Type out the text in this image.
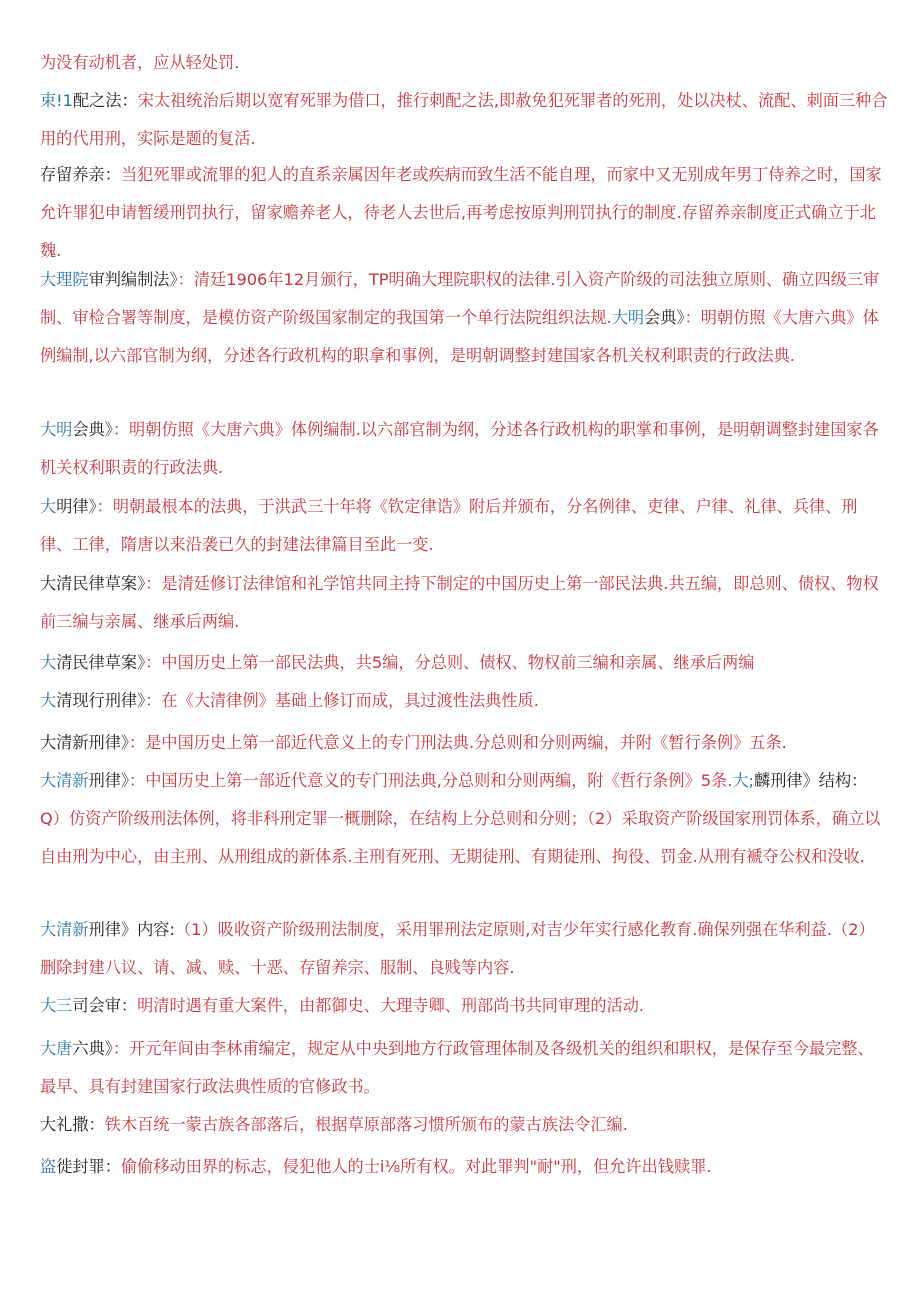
为没有动机者，应从轻处罚.

束!1配之法：宋太祖统治后期以宽宥死罪为借口，推行刺配之法,即赦免犯死罪者的死刑，处以决杖、流配、刺面三种合用的代用刑，实际是题的复活.

存留养亲：当犯死罪或流罪的犯人的直系亲属因年老或疾病而致生活不能自理，而家中又无别成年男丁侍养之时，国家允许罪犯申请暂缓刑罚执行，留家赡养老人，待老人去世后,再考虑按原判刑罚执行的制度.存留养亲制度正式确立于北魏.

大理院审判编制法》：清廷1906年12月颁行，TP明确大理院职权的法律.引入资产阶级的司法独立原则、确立四级三审制、审检合署等制度，是模仿资产阶级国家制定的我国第一个单行法院组织法规.大明会典》：明朝仿照《大唐六典》体例编制,以六部官制为纲，分述各行政机构的职拿和事例，是明朝调整封建国家各机关权利职责的行政法典.

大明会典》：明朝仿照《大唐六典》体例编制.以六部官制为纲，分述各行政机构的职掌和事例，是明朝调整封建国家各机关权利职责的行政法典.

大明律》：明朝最根本的法典，于洪武三十年将《钦定律诰》附后并颁布，分名例律、吏律、户律、礼律、兵律、刑律、工律，隋唐以来沿袭已久的封建法律篇目至此一变.

大清民律草案》：是清廷修订法律馆和礼学馆共同主持下制定的中国历史上第一部民法典.共五编，即总则、债权、物权前三编与亲属、继承后两编.

大清民律草案》：中国历史上第一部民法典，共5编，分总则、债权、物权前三编和亲属、继承后两编

大清现行刑律》：在《大清律例》基础上修订而成，具过渡性法典性质.

大清新刑律》：是中国历史上第一部近代意义上的专门刑法典.分总则和分则两编，并附《暂行条例》五条.

大清新刑律》：中国历史上第一部近代意义的专门刑法典,分总则和分则两编，附《哲行条例》5条.大;麟刑律》结构：Q）仿资产阶级刑法体例，将非科刑定罪一概删除，在结构上分总则和分则；（2）采取资产阶级国家刑罚体系，确立以自由刑为中心，由主刑、从刑组成的新体系.主刑有死刑、无期徒刑、有期徒刑、拘役、罚金.从刑有褫夺公权和没收.

大清新刑律》内容:（1）吸收资产阶级刑法制度，采用罪刑法定原则,对吉少年实行感化教育.确保列强在华利益.（2）删除封建八议、请、减、赎、十恶、存留养宗、服制、良贱等内容.

大三司会审：明清时遇有重大案件，由都御史、大理寺卿、刑部尚书共同审理的活动.

大唐六典》：开元年间由李林甫编定，规定从中央到地方行政管理体制及各级机关的组织和职权，是保存至今最完整、最早、具有封建国家行政法典性质的官修政书。

大礼撒：铁木百统一蒙古族各部落后，根据草原部落习惯所颁布的蒙古族法令汇编.

盗徙封罪：偷偷移动田界的标志，侵犯他人的士i⅛所有权。对此罪判"耐"刑，但允许出钱赎罪.
